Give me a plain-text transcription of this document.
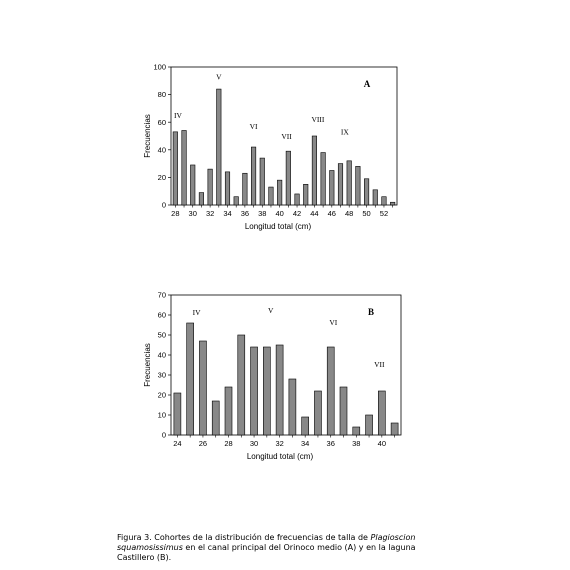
0
20
40
60
80
100
28 30 32 34 36 38 40 42 44 46 48 50 52
Longitud total (cm)
Frecuencias	IV
V
VI
VII
VIII
IX
A
0
10
20
30
40
50
60
70
24 26 28 30 32 34 36 38 40
Longitud total (cm)
Frecuencias
IV	V
VI
VII
B
Figura 3. Cohortes de la distribución de frecuencias de talla de Plagioscion squamosissimus en el canal principal del Orinoco medio (A) y en la laguna Castillero (B).
